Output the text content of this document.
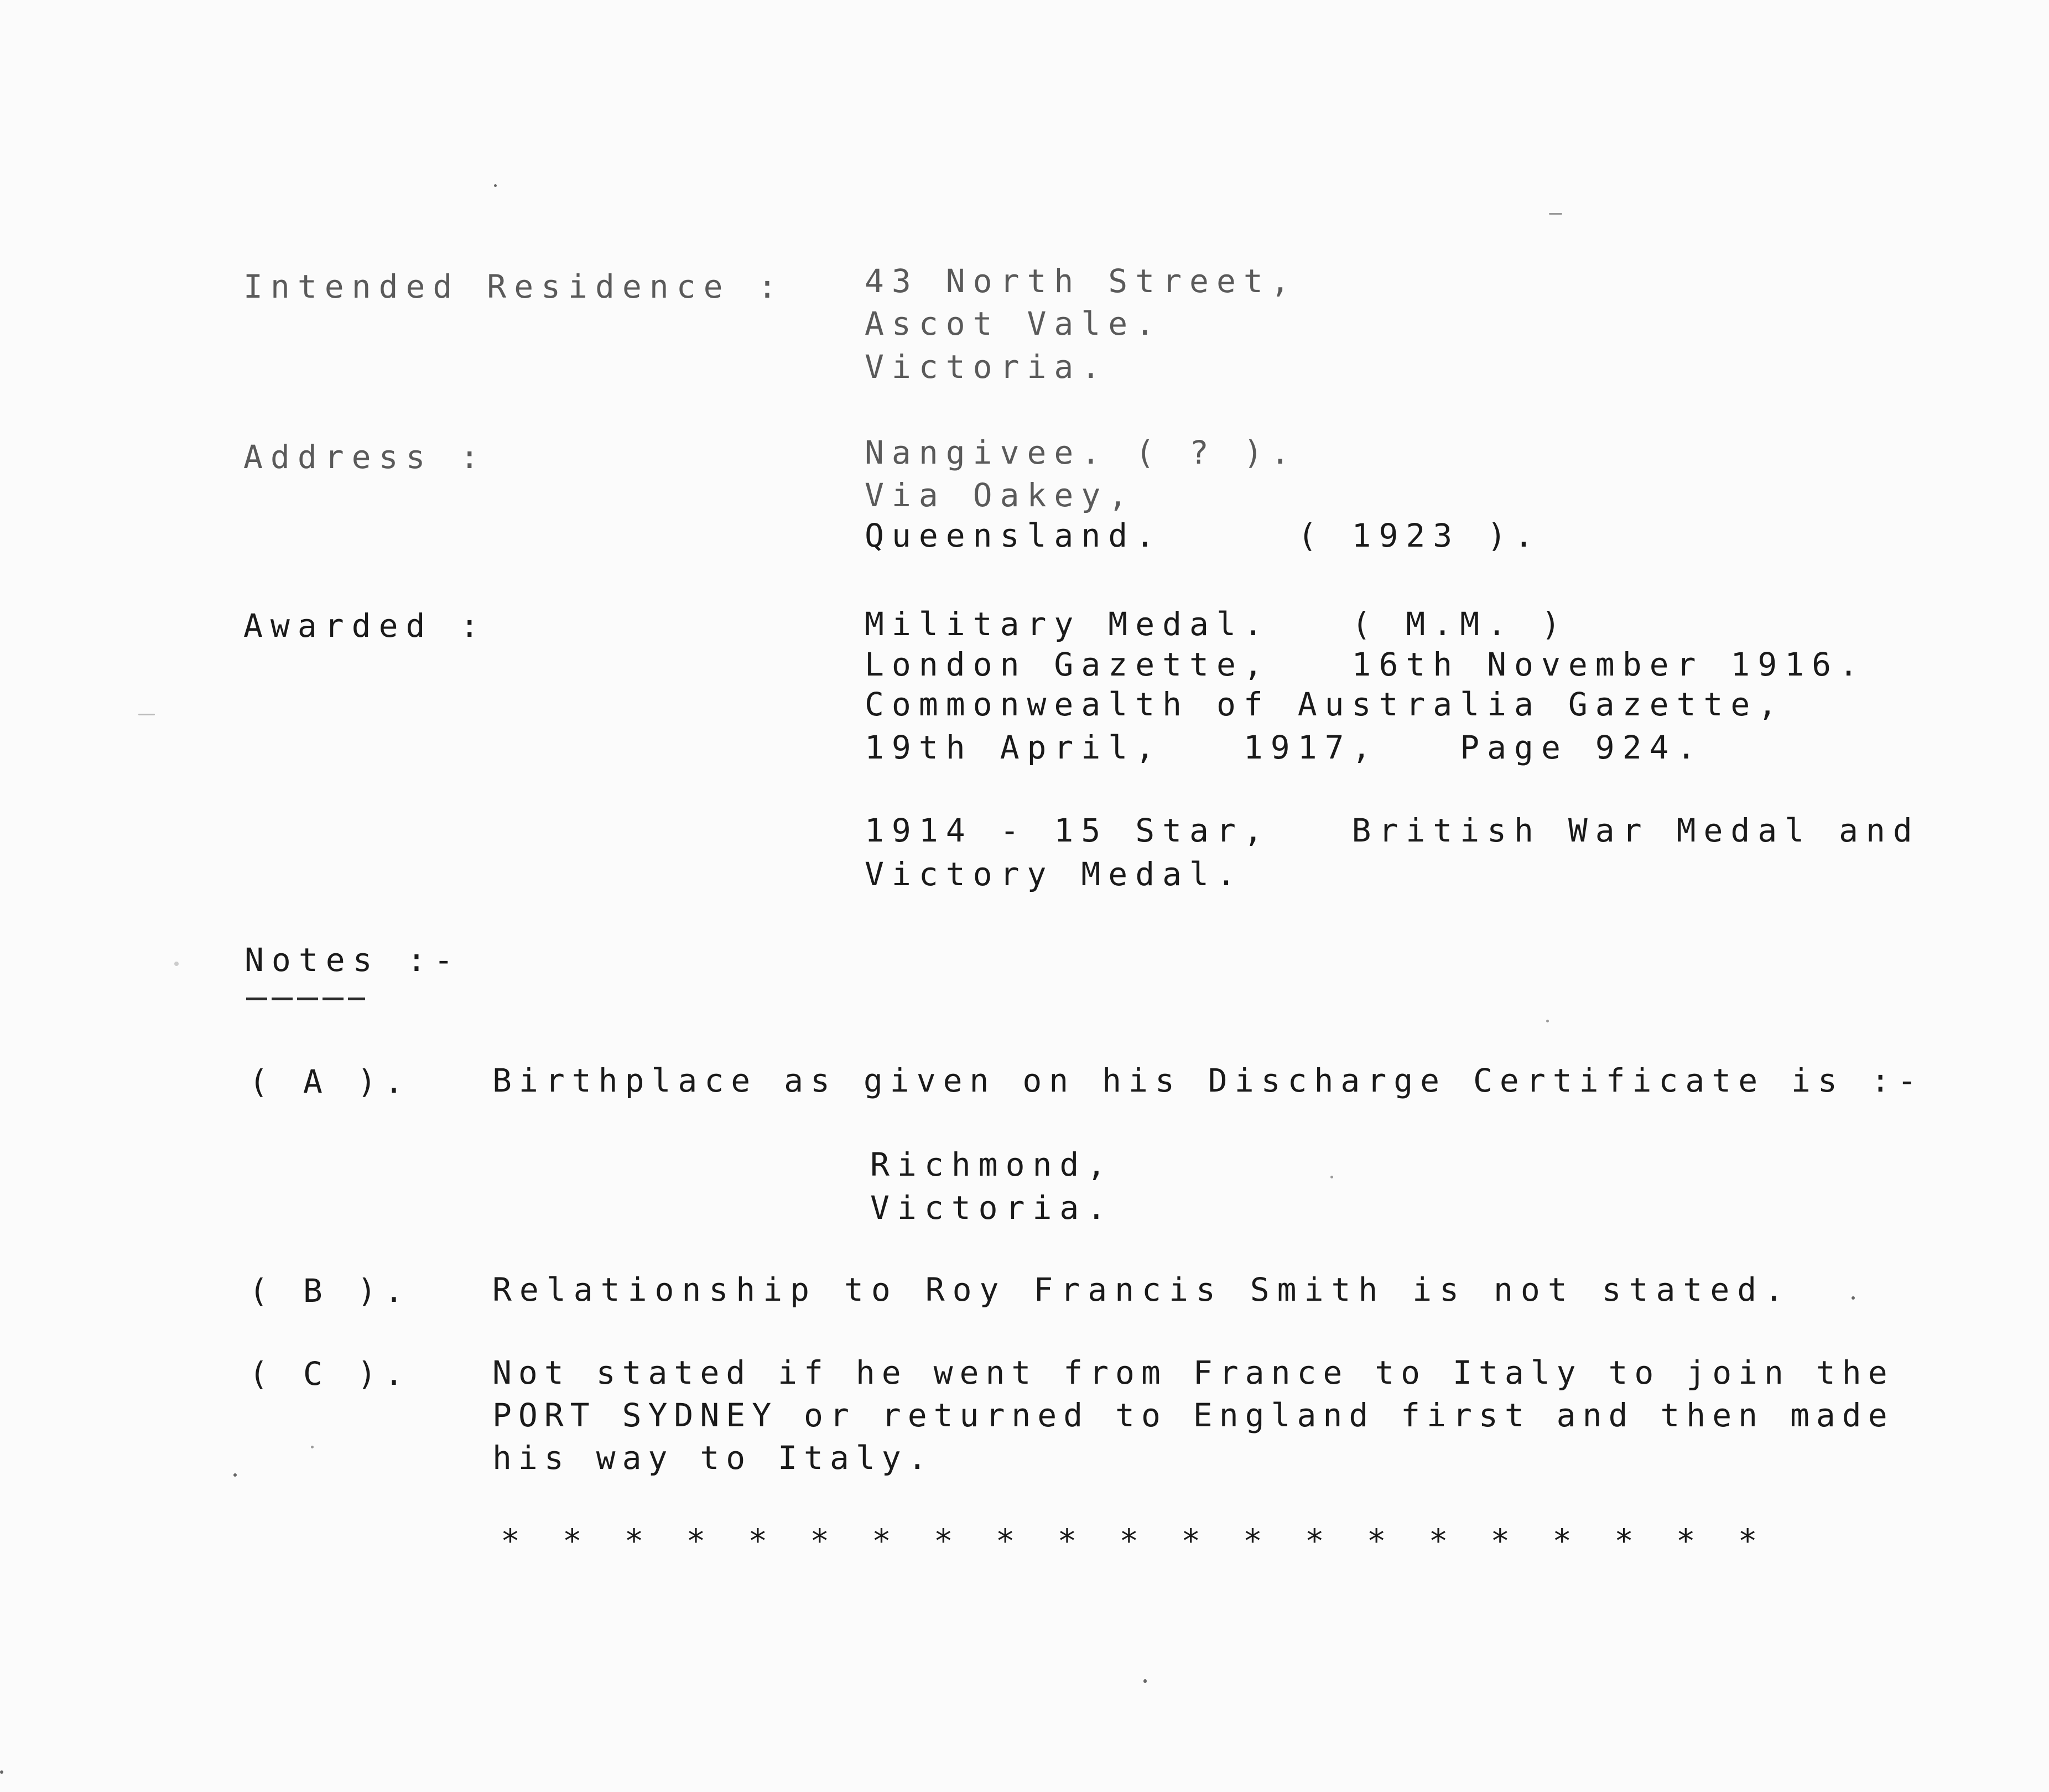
Intended Residence : 43 North Street,
Ascot Vale.
Victoria.
Address :	Nangivee. ( ? ).
Via Oakey,
Queensland.     ( 1923 ).
Awarded :	Military Medal.   ( M.M. )
London Gazette,   16th November 1916.
Commonwealth of Australia Gazette,
19th April,   1917,   Page 924.
1914 - 15 Star,   British War Medal and
Victory Medal.
Notes :-
( A ).	Birthplace as given on his Discharge Certificate is :-
Richmond,
Victoria.
( B ).	Relationship to Roy Francis Smith is not stated.
( C ).	Not stated if he went from France to Italy to join the
PORT SYDNEY or returned to England first and then made
his way to Italy.
* * * * * * * * * * * * * * * * * * * * *
